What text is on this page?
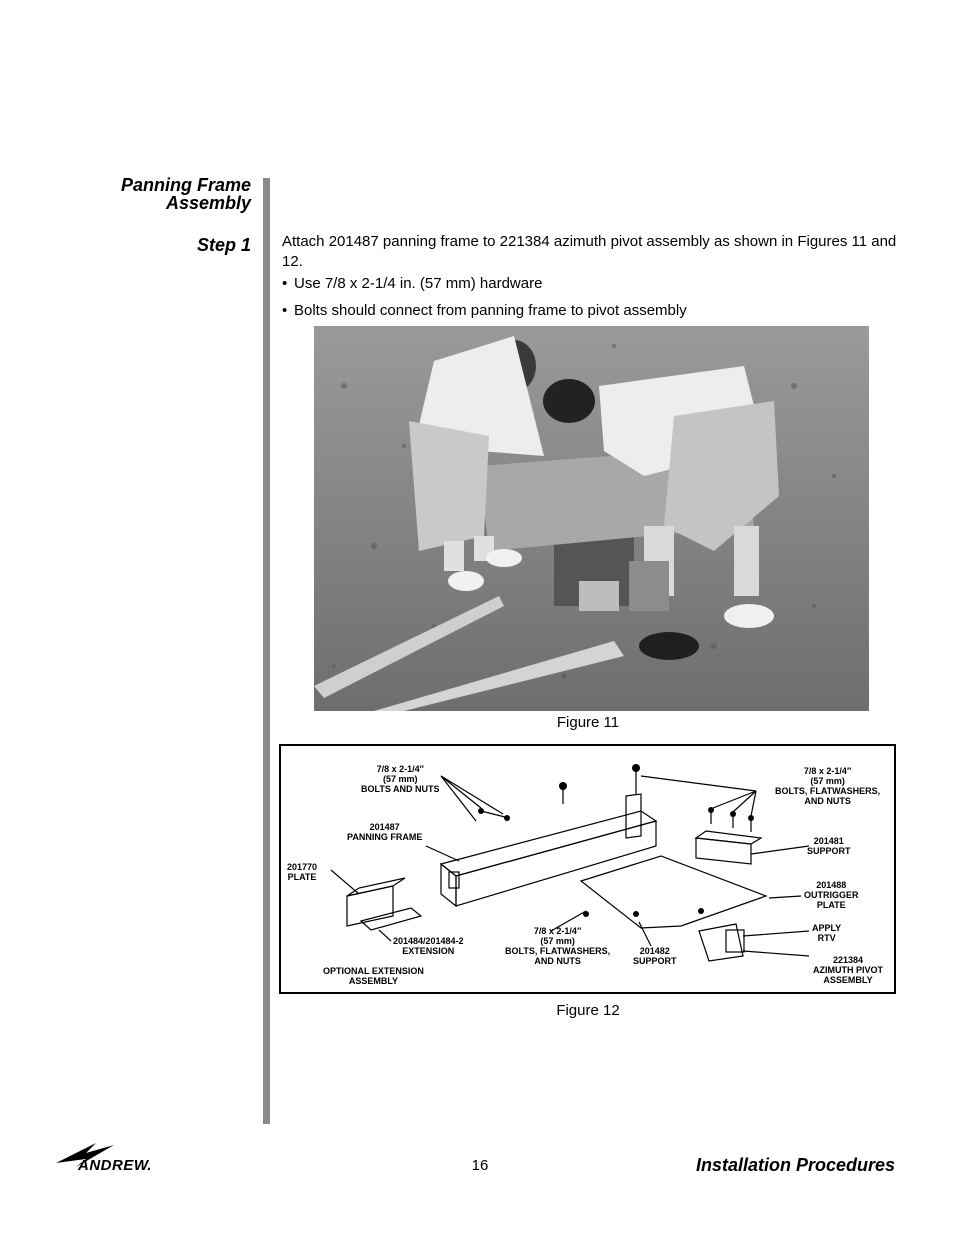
Panning Frame
Assembly
Step 1 Attach 201487 panning frame to 221384 azimuth pivot assembly as shown in Figures 11 and 12.
• Use 7/8 x 2-1/4 in. (57 mm) hardware
• Bolts should connect from panning frame to pivot assembly
Figure 11
7/8 x 2-1/4″
(57 mm)
BOLTS AND NUTS
201487
PANNING FRAME
201770
PLATE
201484/201484-2
EXTENSION
OPTIONAL EXTENSION
ASSEMBLY
7/8 x 2-1/4″
(57 mm)
BOLTS, FLATWASHERS,
AND NUTS
201482
SUPPORT
7/8 x 2-1/4″
(57 mm)
BOLTS, FLATWASHERS,
AND NUTS
201481
SUPPORT
201488
OUTRIGGER
PLATE
APPLY
RTV
221384
AZIMUTH PIVOT
ASSEMBLY
Figure 12
ANDREW.	16	Installation Procedures
